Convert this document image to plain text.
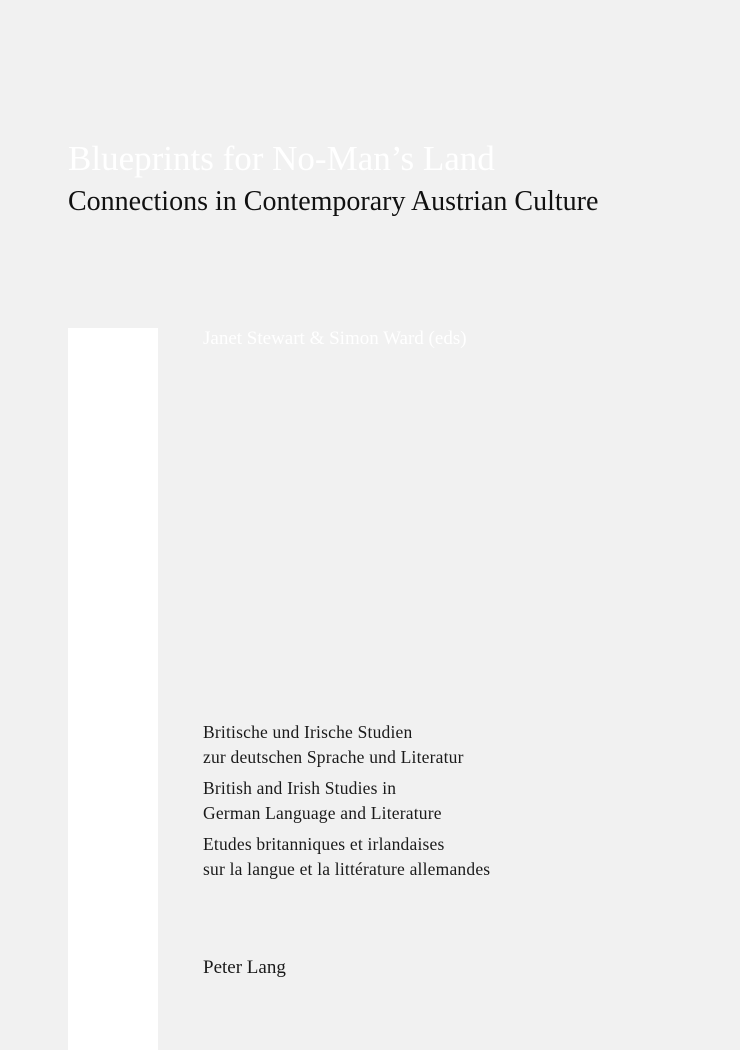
Blueprints for No-Man’s Land
Connections in Contemporary Austrian Culture
Janet Stewart & Simon Ward (eds)
Britische und Irische Studien
zur deutschen Sprache und Literatur
British and Irish Studies in
German Language and Literature
Etudes britanniques et irlandaises
sur la langue et la littérature allemandes
Peter Lang
